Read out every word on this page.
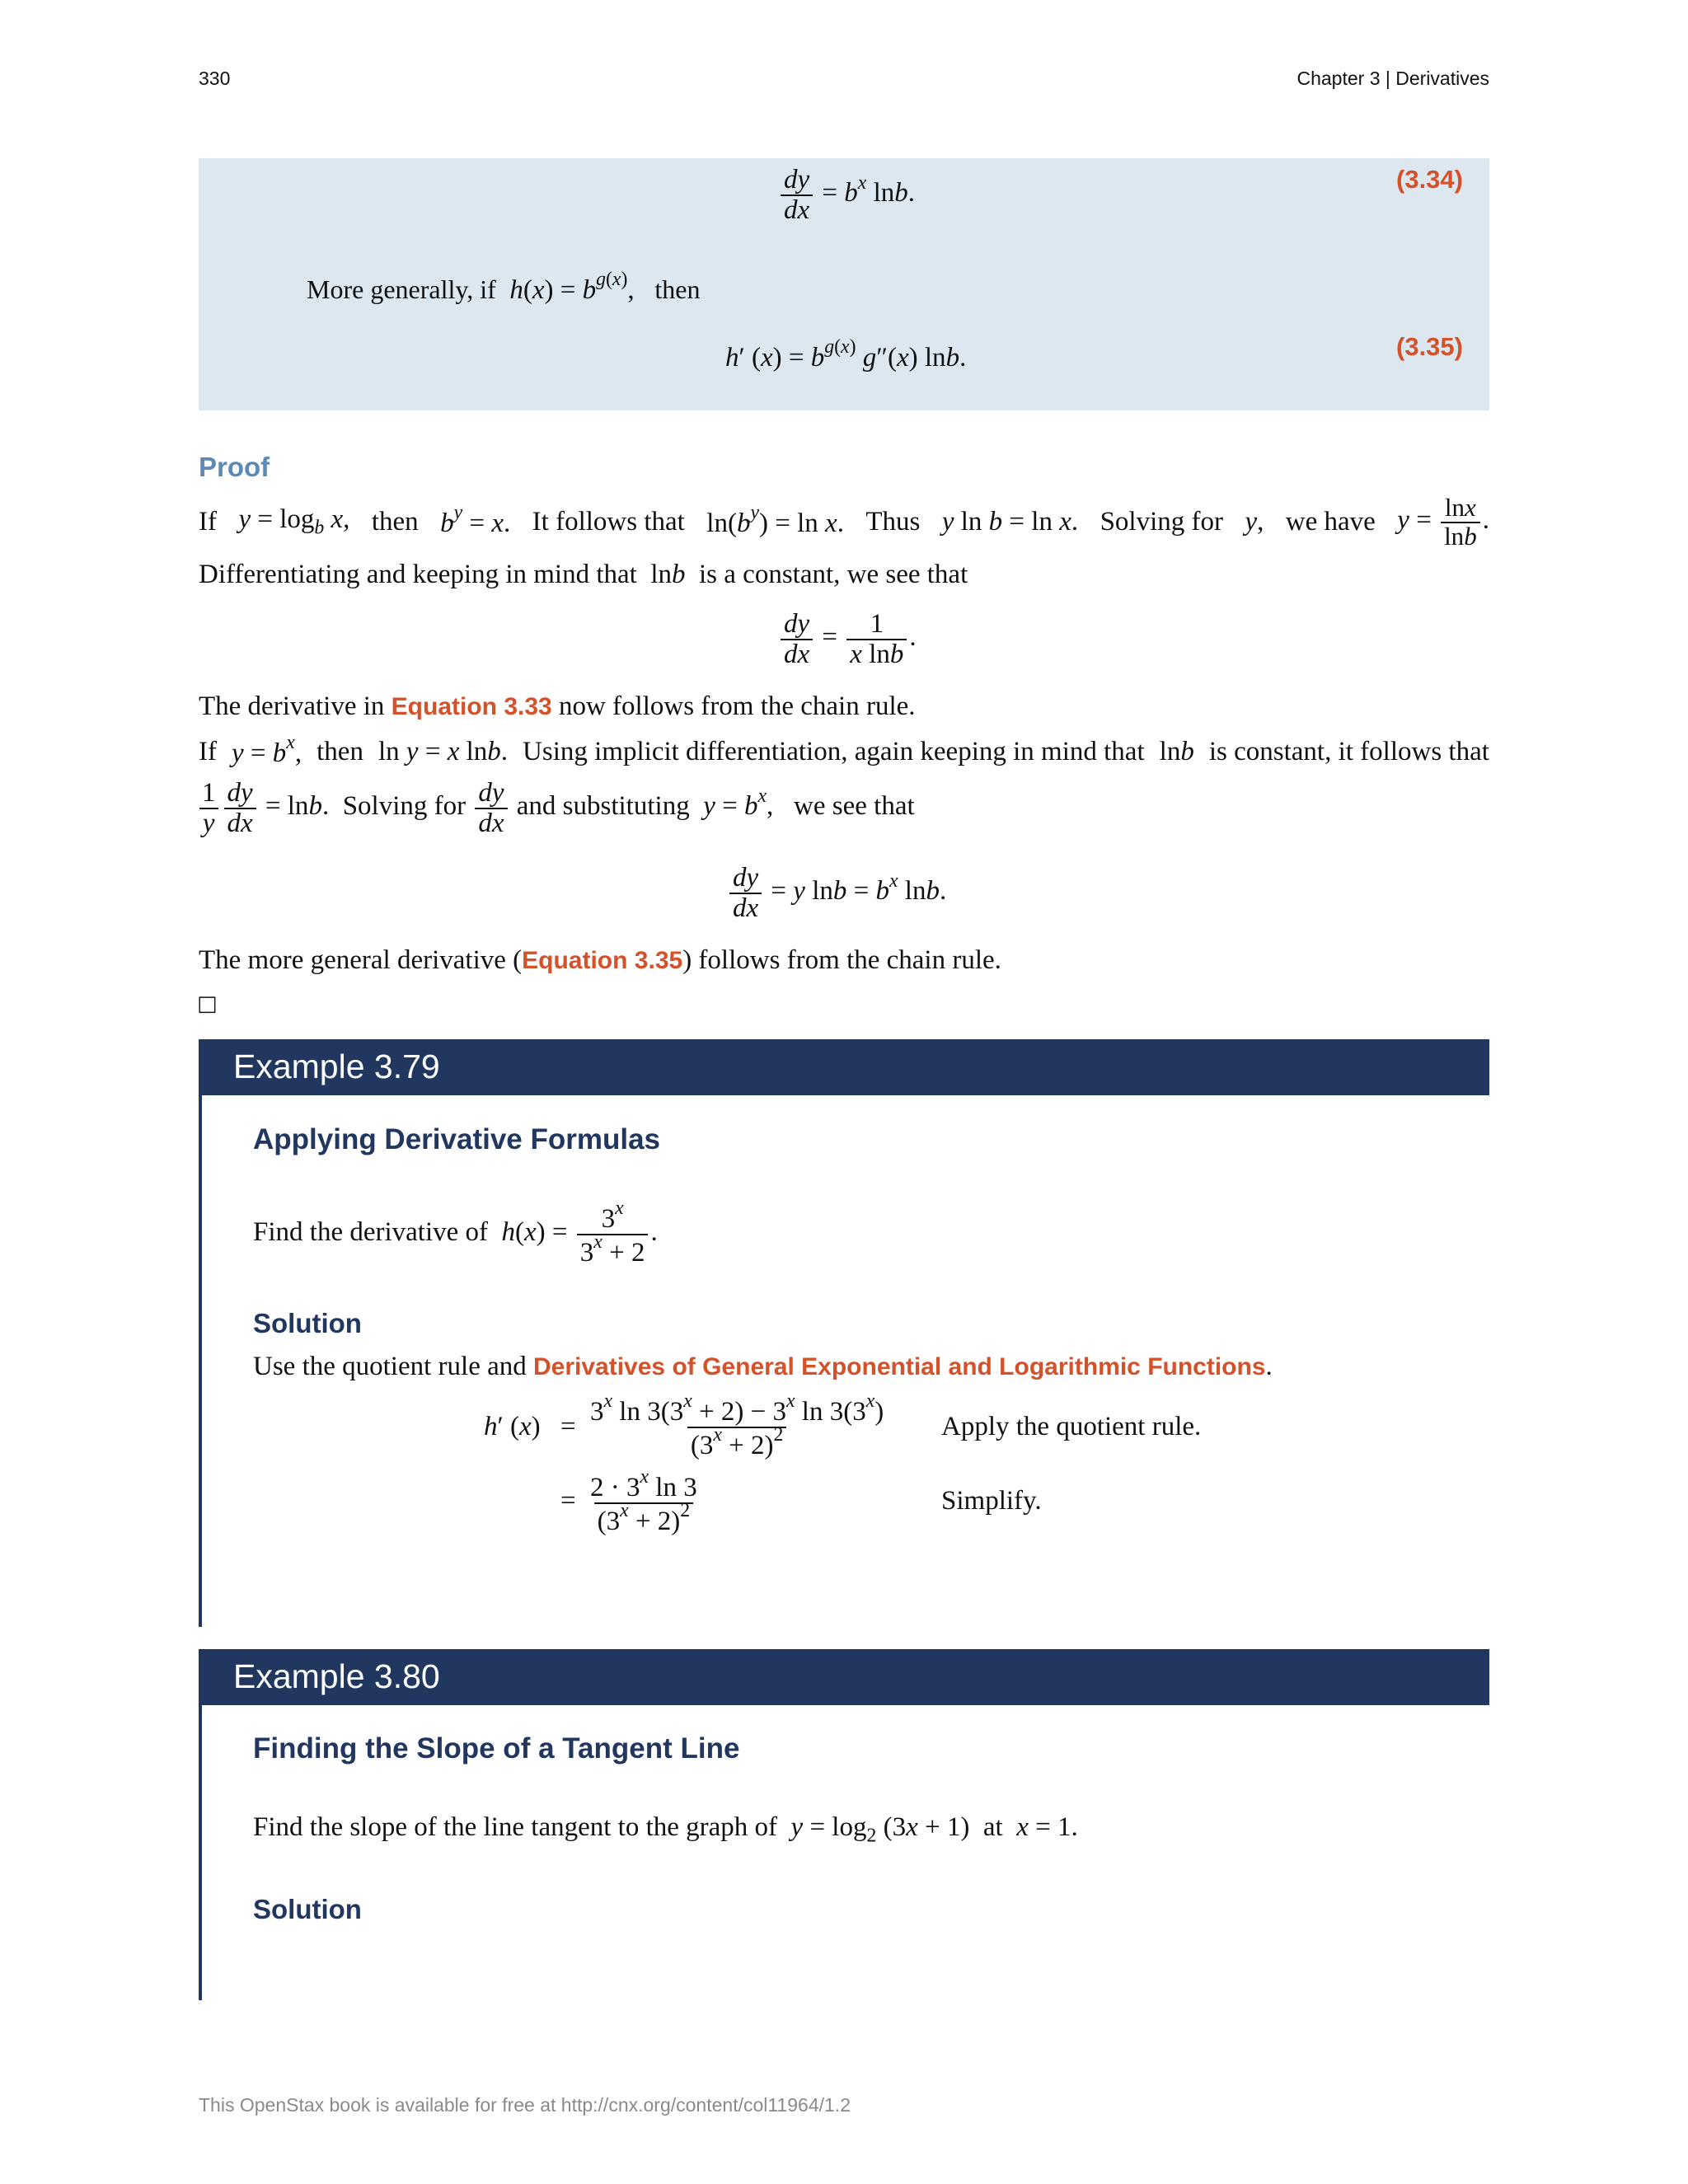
330	Chapter 3 | Derivatives
$\frac{dy}{dx} = b^x$ lnb.	(3.34)
More generally, if $h(x) = b^{g(x)}$,   then
h′ $(x) = b^{g(x)}$ g″(x) lnb.	(3.35)
Proof
If $y = \log_b x$, then $b^y = x$. It follows that $\ln(b^y) = \ln x$. Thus y ln b = ln x. Solving for y, we have $y = \frac{\ln x}{\ln b}$ .
Differentiating and keeping in mind that  lnb is a constant, we see that
$\frac{dy}{dx} = \frac{1}{\text{x lnb}}$ .
The derivative in Equation 3.33 now follows from the chain rule.
If $y = b^x$, then ln y = x lnb. Using implicit differentiation, again keeping in mind that lnb is constant, it follows that
$\frac{1}{y} \frac{dy}{dx} = \ln b$.  Solving for $\frac{dy}{dx}$ and substituting $y = b^x$,   we see that
$\frac{dy}{dx} = y$ $\ln b = b^x$ lnb.
The more general derivative (Equation 3.35) follows from the chain rule.
□
Example 3.79
Applying Derivative Formulas
Find the derivative of $h(x) = \frac{3^x}{3^x + 2}$ .
Solution
Use the quotient rule and Derivatives of General Exponential and Logarithmic Functions.
h′ $(x) = \frac{3^x \ln 3(3^x + 2) - 3^x \ln 3(3^x)}{(3^x + 2)^2}$ Apply the quotient rule.
= $\frac{2 \cdot 3^x \ln 3}{(3^x + 2)^2}$	Simplify.
Example 3.80
Finding the Slope of a Tangent Line
Find the slope of the line tangent to the graph of $y = \log_2 (3x + 1)$  at x = 1.
Solution
This OpenStax book is available for free at http://cnx.org/content/col11964/1.2
